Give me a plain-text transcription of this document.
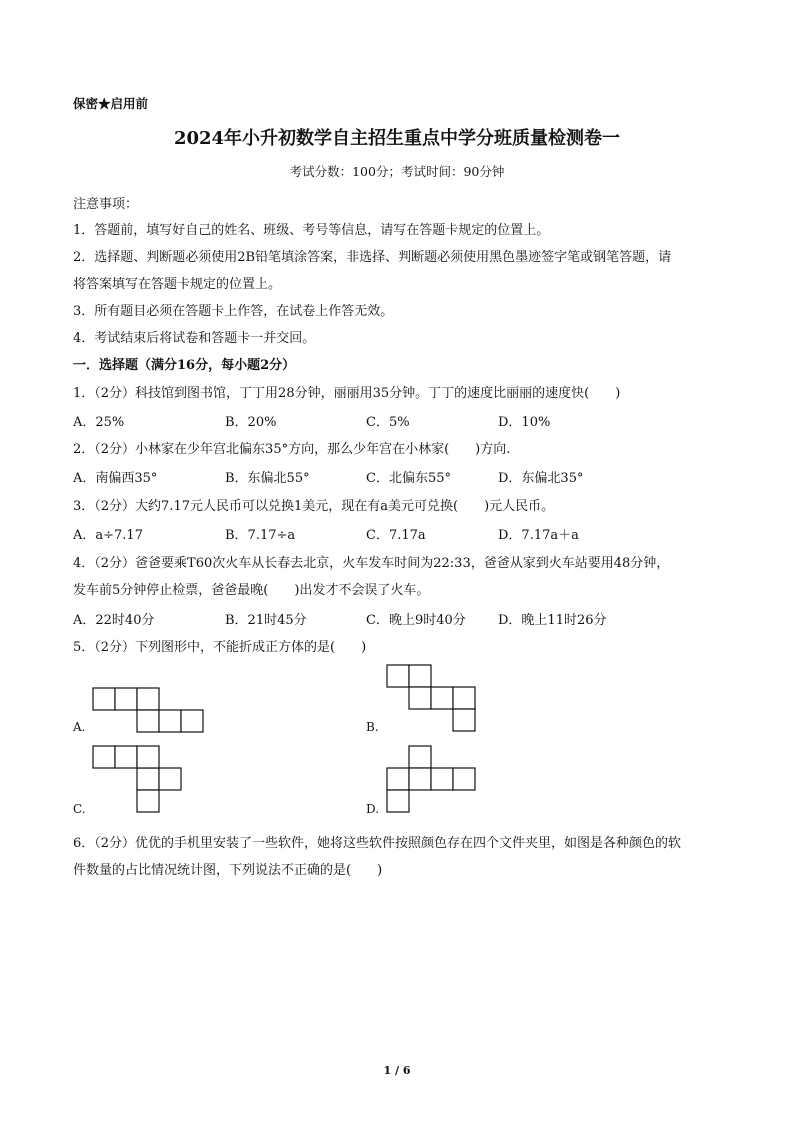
保密★启用前
2024年小升初数学自主招生重点中学分班质量检测卷一
考试分数：100分；考试时间：90分钟
注意事项：
1．答题前，填写好自己的姓名、班级、考号等信息，请写在答题卡规定的位置上。
2．选择题、判断题必须使用2B铅笔填涂答案，非选择、判断题必须使用黑色墨迹签字笔或钢笔答题，请
将答案填写在答题卡规定的位置上。
3．所有题目必须在答题卡上作答，在试卷上作答无效。
4．考试结束后将试卷和答题卡一并交回。
一．选择题（满分16分，每小题2分）
1．（2分）科技馆到图书馆，丁丁用28分钟，丽丽用35分钟。丁丁的速度比丽丽的速度快(　　)
A．25%	B．20%	C．5%	D．10%
2．（2分）小林家在少年宫北偏东35°方向，那么少年宫在小林家(　　)方向.
A．南偏西35°	B．东偏北55°	C．北偏东55°	D．东偏北35°
3．（2分）大约7.17元人民币可以兑换1美元，现在有a美元可兑换(　　)元人民币。
A．a÷7.17	B．7.17÷a	C．7.17a	D．7.17a＋a
4．（2分）爸爸要乘T60次火车从长春去北京，火车发车时间为22:33，爸爸从家到火车站要用48分钟，
发车前5分钟停止检票，爸爸最晚(　　)出发才不会误了火车。
A．22时40分	B．21时45分	C．晚上9时40分 D．晚上11时26分
5．（2分）下列图形中，不能折成正方体的是(　　)
A.	B.
C.	D.
6．（2分）优优的手机里安装了一些软件，她将这些软件按照颜色存在四个文件夹里，如图是各种颜色的软
件数量的占比情况统计图，下列说法不正确的是(　　)
1 / 6
